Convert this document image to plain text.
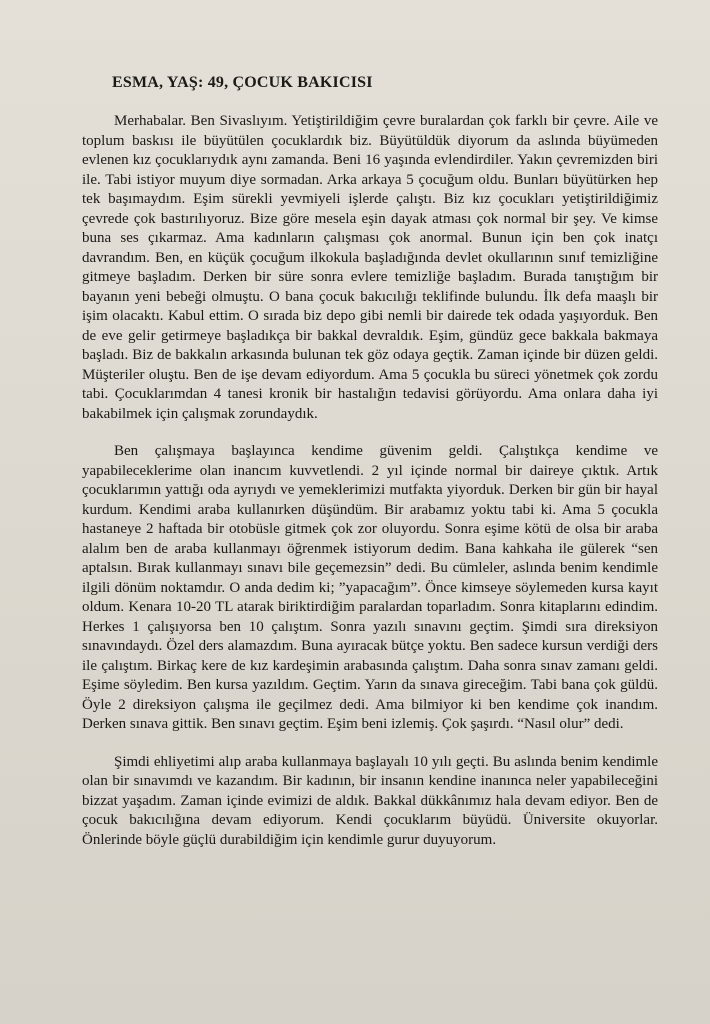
ESMA, YAŞ: 49, ÇOCUK BAKICISI

Merhabalar. Ben Sivaslıyım. Yetiştirildiğim çevre buralardan çok farklı bir çevre. Aile ve toplum baskısı ile büyütülen çocuklardık biz. Büyütüldük diyorum da aslında büyümeden evlenen kız çocuklarıydık aynı zamanda. Beni 16 yaşında evlendirdiler. Yakın çevremizden biri ile. Tabi istiyor muyum diye sormadan. Arka arkaya 5 çocuğum oldu. Bunları büyütürken hep tek başımaydım. Eşim sürekli yevmiyeli işlerde çalıştı. Biz kız çocukları yetiştirildiğimiz çevrede çok bastırılıyoruz. Bize göre mesela eşin dayak atması çok normal bir şey. Ve kimse buna ses çıkarmaz. Ama kadınların çalışması çok anormal. Bunun için ben çok inatçı davrandım. Ben, en küçük çocuğum ilkokula başladığında devlet okullarının sınıf temizliğine gitmeye başladım. Derken bir süre sonra evlere temizliğe başladım. Burada tanıştığım bir bayanın yeni bebeği olmuştu. O bana çocuk bakıcılığı teklifinde bulundu. İlk defa maaşlı bir işim olacaktı. Kabul ettim. O sırada biz depo gibi nemli bir dairede tek odada yaşıyorduk. Ben de eve gelir getirmeye başladıkça bir bakkal devraldık. Eşim, gündüz gece bakkala bakmaya başladı. Biz de bakkalın arkasında bulunan tek göz odaya geçtik. Zaman içinde bir düzen geldi. Müşteriler oluştu. Ben de işe devam ediyordum. Ama 5 çocukla bu süreci yönetmek çok zordu tabi. Çocuklarımdan 4 tanesi kronik bir hastalığın tedavisi görüyordu. Ama onlara daha iyi bakabilmek için çalışmak zorundaydık.

Ben çalışmaya başlayınca kendime güvenim geldi. Çalıştıkça kendime ve yapabileceklerime olan inancım kuvvetlendi. 2 yıl içinde normal bir daireye çıktık. Artık çocuklarımın yattığı oda ayrıydı ve yemeklerimizi mutfakta yiyorduk. Derken bir gün bir hayal kurdum. Kendimi araba kullanırken düşündüm. Bir arabamız yoktu tabi ki. Ama 5 çocukla hastaneye 2 haftada bir otobüsle gitmek çok zor oluyordu. Sonra eşime kötü de olsa bir araba alalım ben de araba kullanmayı öğrenmek istiyorum dedim. Bana kahkaha ile gülerek “sen aptalsın. Bırak kullanmayı sınavı bile geçemezsin” dedi. Bu cümleler, aslında benim kendimle ilgili dönüm noktamdır. O anda dedim ki; ”yapacağım”. Önce kimseye söylemeden kursa kayıt oldum. Kenara 10-20 TL atarak biriktirdiğim paralardan toparladım. Sonra kitaplarını edindim. Herkes 1 çalışıyorsa ben 10 çalıştım. Sonra yazılı sınavını geçtim. Şimdi sıra direksiyon sınavındaydı. Özel ders alamazdım. Buna ayıracak bütçe yoktu. Ben sadece kursun verdiği ders ile çalıştım. Birkaç kere de kız kardeşimin arabasında çalıştım. Daha sonra sınav zamanı geldi. Eşime söyledim. Ben kursa yazıldım. Geçtim. Yarın da sınava gireceğim. Tabi bana çok güldü. Öyle 2 direksiyon çalışma ile geçilmez dedi. Ama bilmiyor ki ben kendime çok inandım. Derken sınava gittik. Ben sınavı geçtim. Eşim beni izlemiş. Çok şaşırdı. “Nasıl olur” dedi.

Şimdi ehliyetimi alıp araba kullanmaya başlayalı 10 yılı geçti. Bu aslında benim kendimle olan bir sınavımdı ve kazandım. Bir kadının, bir insanın kendine inanınca neler yapabileceğini bizzat yaşadım. Zaman içinde evimizi de aldık. Bakkal dükkânımız hala devam ediyor. Ben de çocuk bakıcılığına devam ediyorum. Kendi çocuklarım büyüdü. Üniversite okuyorlar. Önlerinde böyle güçlü durabildiğim için kendimle gurur duyuyorum.
